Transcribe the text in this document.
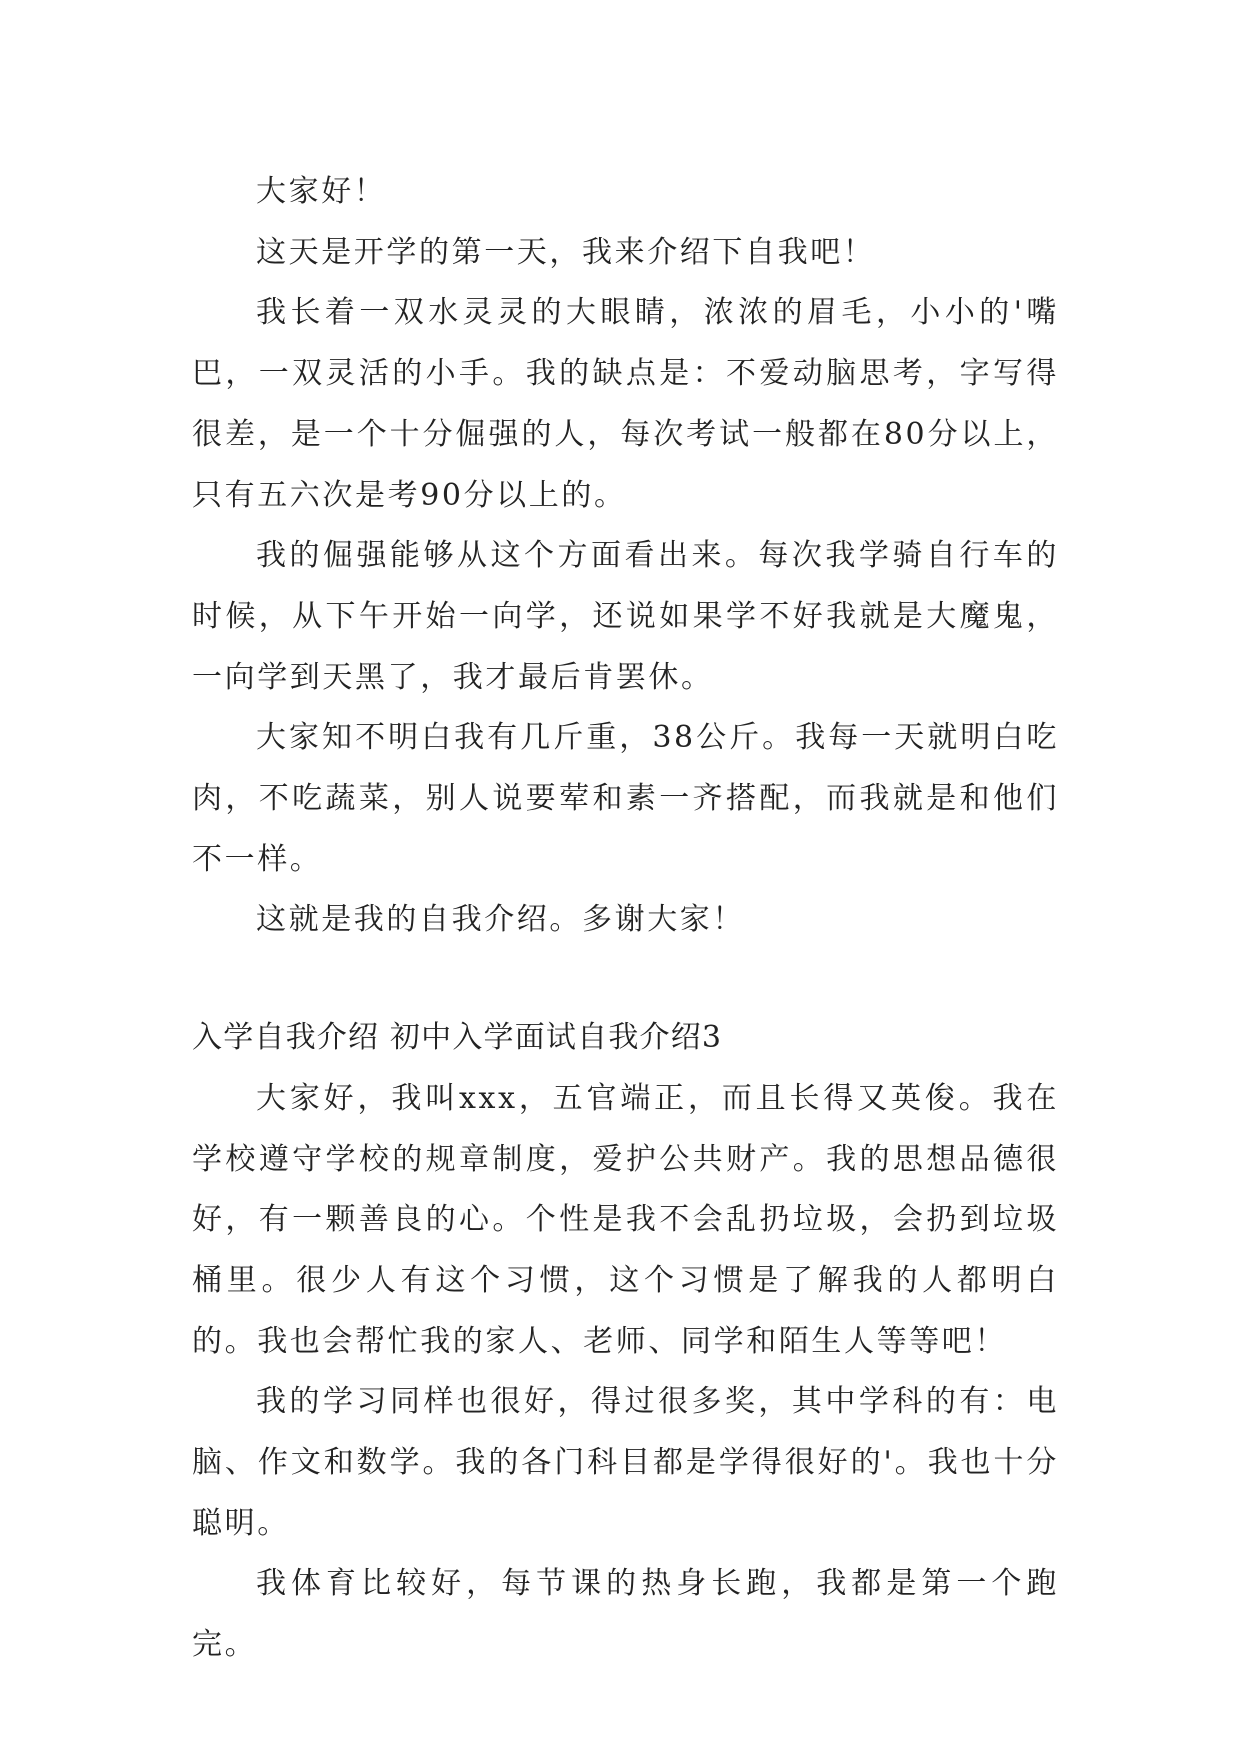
大家好！

这天是开学的第一天，我来介绍下自我吧！

我长着一双水灵灵的大眼睛，浓浓的眉毛，小小的'嘴巴，一双灵活的小手。我的缺点是：不爱动脑思考，字写得很差，是一个十分倔强的人，每次考试一般都在80分以上，只有五六次是考90分以上的。

我的倔强能够从这个方面看出来。每次我学骑自行车的时候，从下午开始一向学，还说如果学不好我就是大魔鬼，一向学到天黑了，我才最后肯罢休。

大家知不明白我有几斤重，38公斤。我每一天就明白吃肉，不吃蔬菜，别人说要荤和素一齐搭配，而我就是和他们不一样。

这就是我的自我介绍。多谢大家！

入学自我介绍 初中入学面试自我介绍3

大家好，我叫xxx，五官端正，而且长得又英俊。我在学校遵守学校的规章制度，爱护公共财产。我的思想品德很好，有一颗善良的心。个性是我不会乱扔垃圾，会扔到垃圾桶里。很少人有这个习惯，这个习惯是了解我的人都明白的。我也会帮忙我的家人、老师、同学和陌生人等等吧！

我的学习同样也很好，得过很多奖，其中学科的有：电脑、作文和数学。我的各门科目都是学得很好的'。我也十分聪明。

我体育比较好，每节课的热身长跑，我都是第一个跑完。
